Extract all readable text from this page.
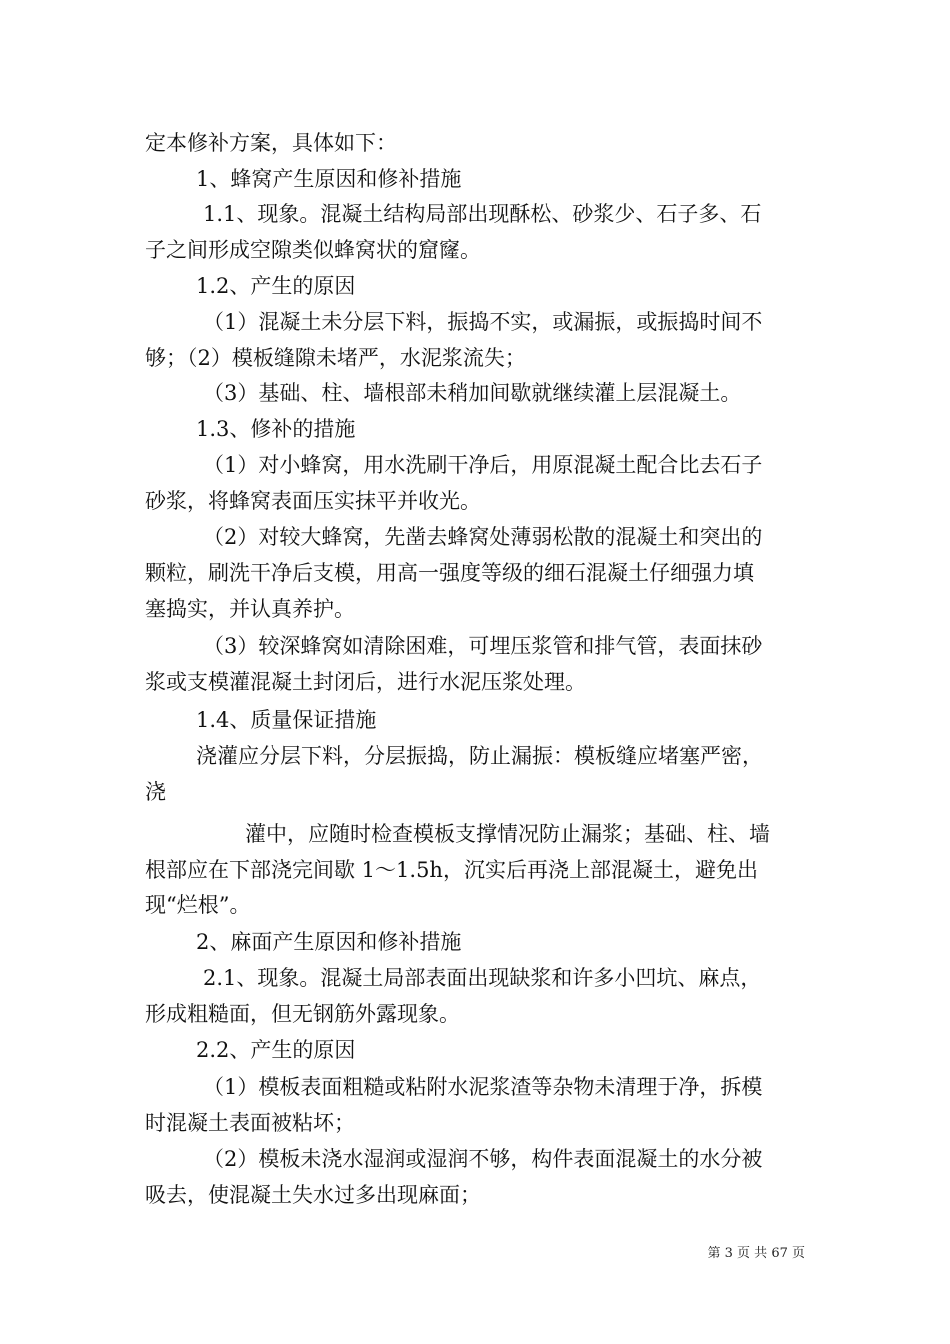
定本修补方案，具体如下：
1、蜂窝产生原因和修补措施
1.1、现象。混凝土结构局部出现酥松、砂浆少、石子多、石
子之间形成空隙类似蜂窝状的窟窿。
1.2、产生的原因
（1）混凝土未分层下料，振捣不实，或漏振，或振捣时间不
够；（2）模板缝隙未堵严，水泥浆流失；
（3）基础、柱、墙根部未稍加间歇就继续灌上层混凝土。
1.3、修补的措施
（1）对小蜂窝，用水洗刷干净后，用原混凝土配合比去石子
砂浆，将蜂窝表面压实抹平并收光。
（2）对较大蜂窝，先凿去蜂窝处薄弱松散的混凝土和突出的
颗粒，刷洗干净后支模，用高一强度等级的细石混凝土仔细强力填
塞捣实，并认真养护。
（3）较深蜂窝如清除困难，可埋压浆管和排气管，表面抹砂
浆或支模灌混凝土封闭后，进行水泥压浆处理。
1.4、质量保证措施
浇灌应分层下料，分层振捣，防止漏振：模板缝应堵塞严密，
浇
灌中，应随时检查模板支撑情况防止漏浆；基础、柱、墙
根部应在下部浇完间歇 1～1.5h，沉实后再浇上部混凝土，避免出
现“烂根”。
2、麻面产生原因和修补措施
2.1、现象。混凝土局部表面出现缺浆和许多小凹坑、麻点，
形成粗糙面，但无钢筋外露现象。
2.2、产生的原因
（1）模板表面粗糙或粘附水泥浆渣等杂物未清理于净，拆模
时混凝土表面被粘坏；
（2）模板未浇水湿润或湿润不够，构件表面混凝土的水分被
吸去，使混凝土失水过多出现麻面；
第 3 页 共 67 页
